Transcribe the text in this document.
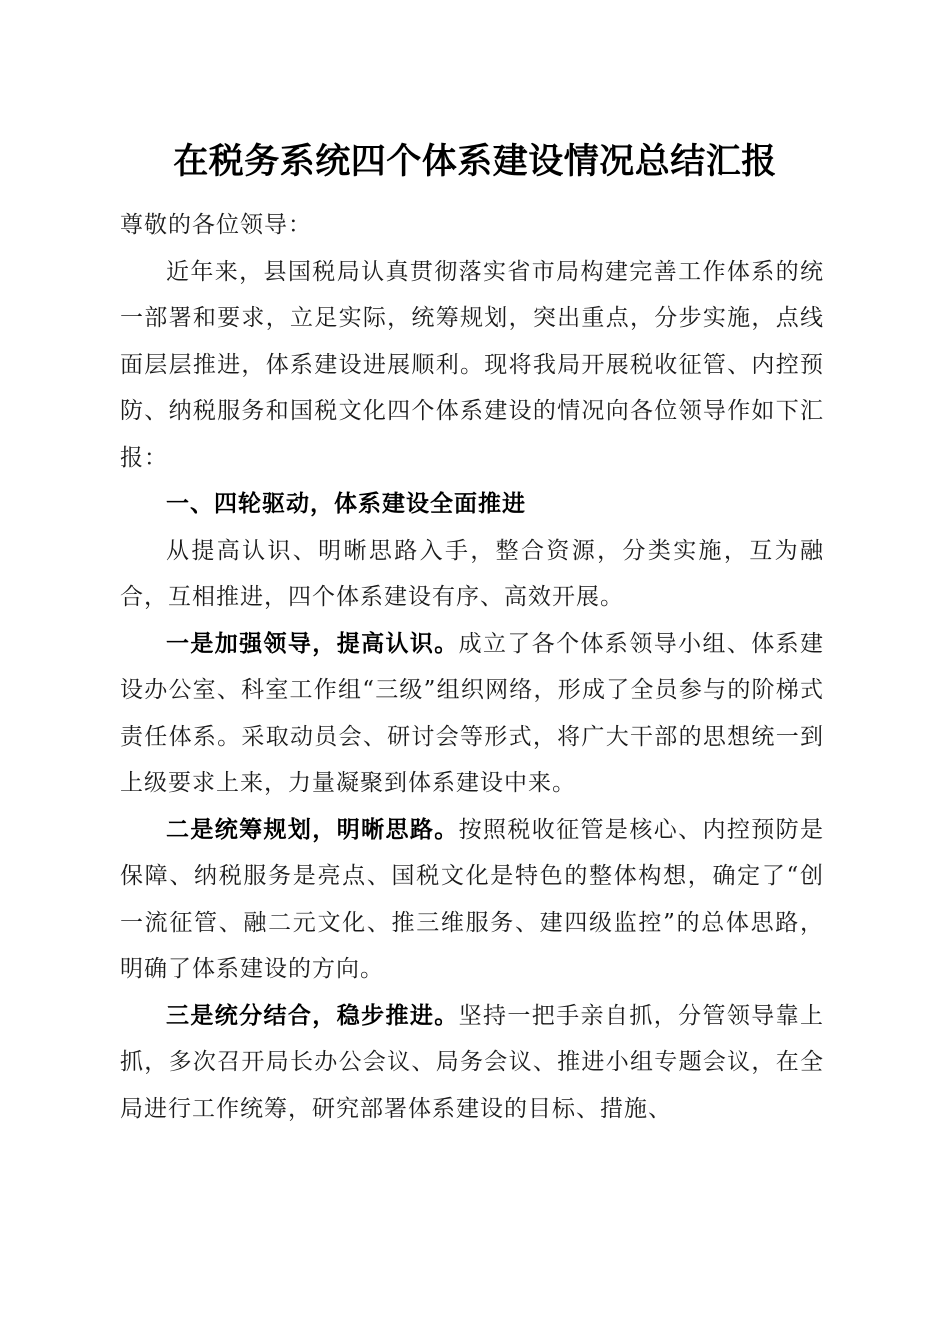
在税务系统四个体系建设情况总结汇报

尊敬的各位领导：

近年来，县国税局认真贯彻落实省市局构建完善工作体系的统一部署和要求，立足实际，统筹规划，突出重点，分步实施，点线面层层推进，体系建设进展顺利。现将我局开展税收征管、内控预防、纳税服务和国税文化四个体系建设的情况向各位领导作如下汇报：

一、四轮驱动，体系建设全面推进

从提高认识、明晰思路入手，整合资源，分类实施，互为融合，互相推进，四个体系建设有序、高效开展。

一是加强领导，提高认识。成立了各个体系领导小组、体系建设办公室、科室工作组“三级”组织网络，形成了全员参与的阶梯式责任体系。采取动员会、研讨会等形式，将广大干部的思想统一到上级要求上来，力量凝聚到体系建设中来。

二是统筹规划，明晰思路。按照税收征管是核心、内控预防是保障、纳税服务是亮点、国税文化是特色的整体构想，确定了“创一流征管、融二元文化、推三维服务、建四级监控”的总体思路，明确了体系建设的方向。

三是统分结合，稳步推进。坚持一把手亲自抓，分管领导靠上抓，多次召开局长办公会议、局务会议、推进小组专题会议，在全局进行工作统筹，研究部署体系建设的目标、措施、
